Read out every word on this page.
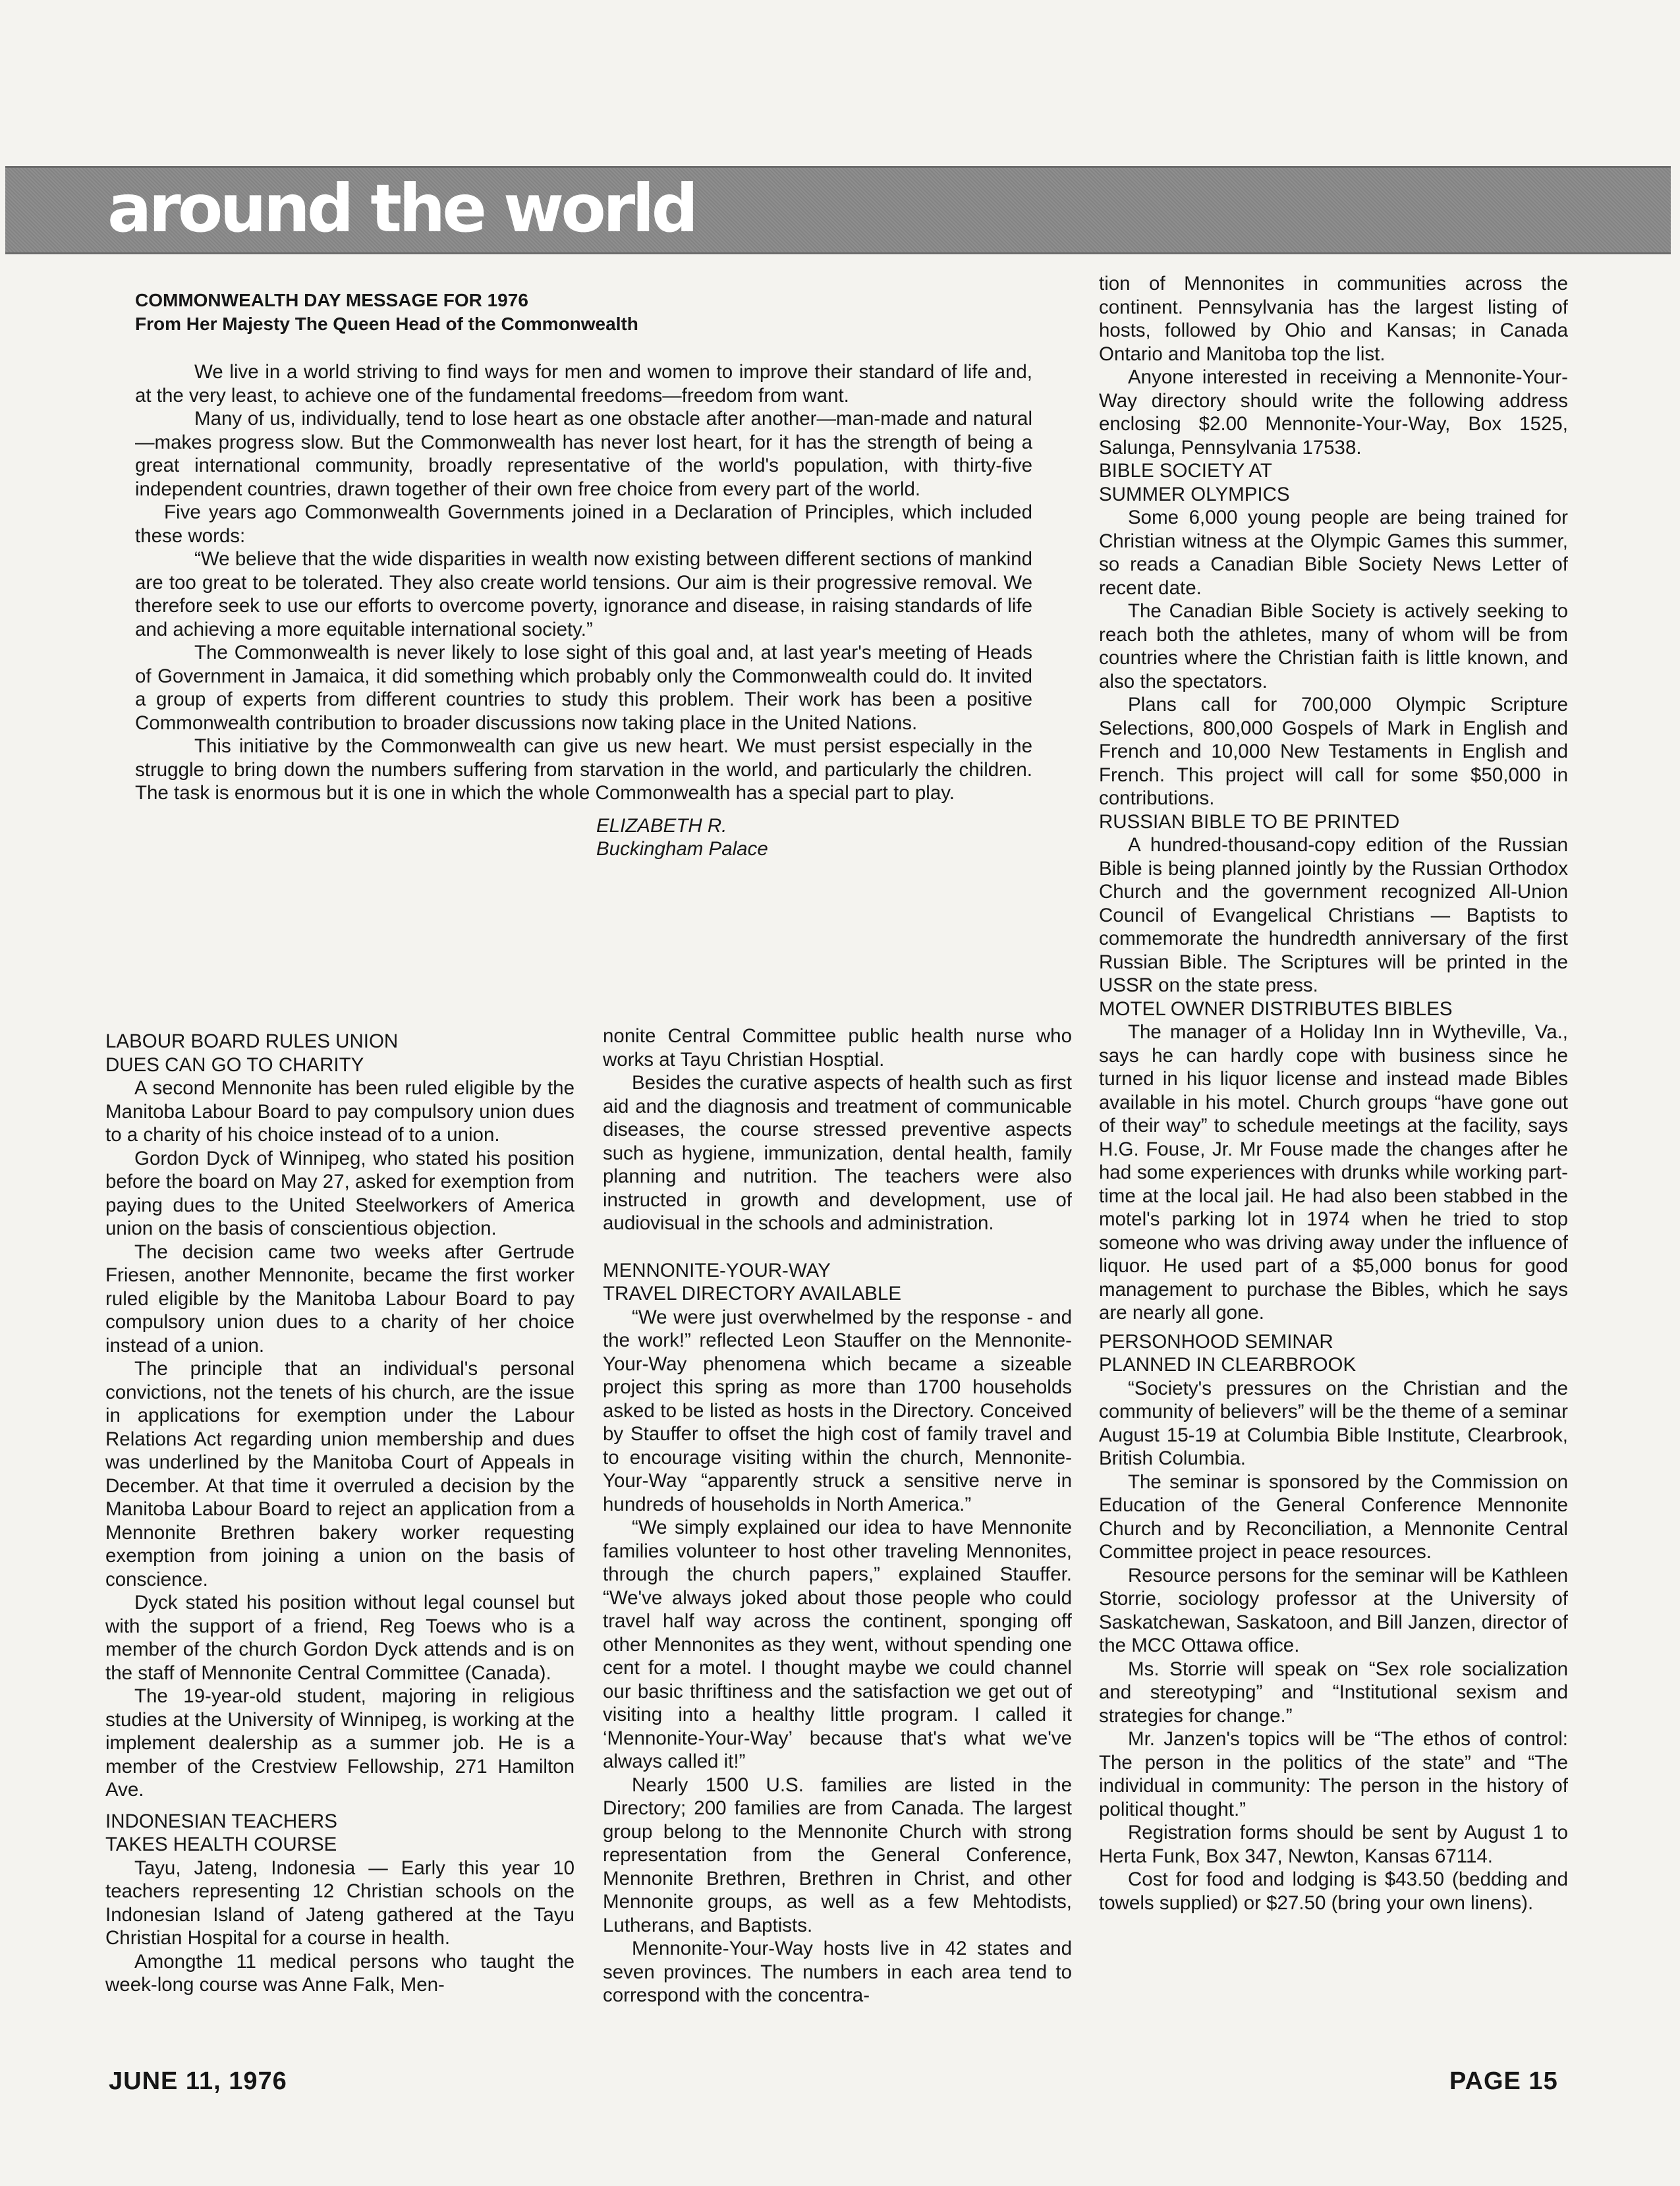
around the world

COMMONWEALTH DAY MESSAGE FOR 1976

From Her Majesty The Queen Head of the Commonwealth

We live in a world striving to find ways for men and women to improve their standard of life and, at the very least, to achieve one of the fundamental freedoms—freedom from want.

Many of us, individually, tend to lose heart as one obstacle after another—man-made and natural—makes progress slow. But the Commonwealth has never lost heart, for it has the strength of being a great international community, broadly representative of the world's population, with thirty-five independent countries, drawn together of their own free choice from every part of the world.

Five years ago Commonwealth Governments joined in a Declaration of Principles, which included these words:

“We believe that the wide disparities in wealth now existing between different sections of mankind are too great to be tolerated. They also create world tensions. Our aim is their progressive removal. We therefore seek to use our efforts to overcome poverty, ignorance and disease, in raising standards of life and achieving a more equitable international society.”

The Commonwealth is never likely to lose sight of this goal and, at last year's meeting of Heads of Government in Jamaica, it did something which probably only the Commonwealth could do. It invited a group of experts from different countries to study this problem. Their work has been a positive Commonwealth contribution to broader discussions now taking place in the United Nations.

This initiative by the Commonwealth can give us new heart. We must persist especially in the struggle to bring down the numbers suffering from starvation in the world, and particularly the children. The task is enormous but it is one in which the whole Commonwealth has a special part to play.

ELIZABETH R.

Buckingham Palace

LABOUR BOARD RULES UNION

DUES CAN GO TO CHARITY

A second Mennonite has been ruled eligible by the Manitoba Labour Board to pay compulsory union dues to a charity of his choice instead of to a union.

Gordon Dyck of Winnipeg, who stated his position before the board on May 27, asked for exemption from paying dues to the United Steelworkers of America union on the basis of conscientious objection.

The decision came two weeks after Gertrude Friesen, another Mennonite, became the first worker ruled eligible by the Manitoba Labour Board to pay compulsory union dues to a charity of her choice instead of a union.

The principle that an individual's personal convictions, not the tenets of his church, are the issue in applications for exemption under the Labour Relations Act regarding union membership and dues was underlined by the Manitoba Court of Appeals in December. At that time it overruled a decision by the Manitoba Labour Board to reject an application from a Mennonite Brethren bakery worker requesting exemption from joining a union on the basis of conscience.

Dyck stated his position without legal counsel but with the support of a friend, Reg Toews who is a member of the church Gordon Dyck attends and is on the staff of Mennonite Central Committee (Canada).

The 19-year-old student, majoring in religious studies at the University of Winnipeg, is working at the implement dealership as a summer job. He is a member of the Crestview Fellowship, 271 Hamilton Ave.

INDONESIAN TEACHERS

TAKES HEALTH COURSE

Tayu, Jateng, Indonesia — Early this year 10 teachers representing 12 Christian schools on the Indonesian Island of Jateng gathered at the Tayu Christian Hospital for a course in health.

Amongthe 11 medical persons who taught the week-long course was Anne Falk, Men-

nonite Central Committee public health nurse who works at Tayu Christian Hosptial.

Besides the curative aspects of health such as first aid and the diagnosis and treatment of communicable diseases, the course stressed preventive aspects such as hygiene, immunization, dental health, family planning and nutrition. The teachers were also instructed in growth and development, use of audiovisual in the schools and administration.

MENNONITE-YOUR-WAY

TRAVEL DIRECTORY AVAILABLE

“We were just overwhelmed by the response - and the work!” reflected Leon Stauffer on the Mennonite-Your-Way phenomena which became a sizeable project this spring as more than 1700 households asked to be listed as hosts in the Directory. Conceived by Stauffer to offset the high cost of family travel and to encourage visiting within the church, Mennonite-Your-Way “apparently struck a sensitive nerve in hundreds of households in North America.”

“We simply explained our idea to have Mennonite families volunteer to host other traveling Mennonites, through the church papers,” explained Stauffer. “We've always joked about those people who could travel half way across the continent, sponging off other Mennonites as they went, without spending one cent for a motel. I thought maybe we could channel our basic thriftiness and the satisfaction we get out of visiting into a healthy little program. I called it ‘Mennonite-Your-Way’ because that's what we've always called it!”

Nearly 1500 U.S. families are listed in the Directory; 200 families are from Canada. The largest group belong to the Mennonite Church with strong representation from the General Conference, Mennonite Brethren, Brethren in Christ, and other Mennonite groups, as well as a few Mehtodists, Lutherans, and Baptists.

Mennonite-Your-Way hosts live in 42 states and seven provinces. The numbers in each area tend to correspond with the concentra-

tion of Mennonites in communities across the continent. Pennsylvania has the largest listing of hosts, followed by Ohio and Kansas; in Canada Ontario and Manitoba top the list.

Anyone interested in receiving a Mennonite-Your-Way directory should write the following address enclosing $2.00 Mennonite-Your-Way, Box 1525, Salunga, Pennsylvania 17538.

BIBLE SOCIETY AT

SUMMER OLYMPICS

Some 6,000 young people are being trained for Christian witness at the Olympic Games this summer, so reads a Canadian Bible Society News Letter of recent date.

The Canadian Bible Society is actively seeking to reach both the athletes, many of whom will be from countries where the Christian faith is little known, and also the spectators.

Plans call for 700,000 Olympic Scripture Selections, 800,000 Gospels of Mark in English and French and 10,000 New Testaments in English and French. This project will call for some $50,000 in contributions.

RUSSIAN BIBLE TO BE PRINTED

A hundred-thousand-copy edition of the Russian Bible is being planned jointly by the Russian Orthodox Church and the government recognized All-Union Council of Evangelical Christians — Baptists to commemorate the hundredth anniversary of the first Russian Bible. The Scriptures will be printed in the USSR on the state press.

MOTEL OWNER DISTRIBUTES BIBLES

The manager of a Holiday Inn in Wytheville, Va., says he can hardly cope with business since he turned in his liquor license and instead made Bibles available in his motel. Church groups “have gone out of their way” to schedule meetings at the facility, says H.G. Fouse, Jr. Mr Fouse made the changes after he had some experiences with drunks while working part-time at the local jail. He had also been stabbed in the motel's parking lot in 1974 when he tried to stop someone who was driving away under the influence of liquor. He used part of a $5,000 bonus for good management to purchase the Bibles, which he says are nearly all gone.

PERSONHOOD SEMINAR

PLANNED IN CLEARBROOK

“Society's pressures on the Christian and the community of believers” will be the theme of a seminar August 15-19 at Columbia Bible Institute, Clearbrook, British Columbia.

The seminar is sponsored by the Commission on Education of the General Conference Mennonite Church and by Reconciliation, a Mennonite Central Committee project in peace resources.

Resource persons for the seminar will be Kathleen Storrie, sociology professor at the University of Saskatchewan, Saskatoon, and Bill Janzen, director of the MCC Ottawa office.

Ms. Storrie will speak on “Sex role socialization and stereotyping” and “Institutional sexism and strategies for change.”

Mr. Janzen's topics will be “The ethos of control: The person in the politics of the state” and “The individual in community: The person in the history of political thought.”

Registration forms should be sent by August 1 to Herta Funk, Box 347, Newton, Kansas 67114.

Cost for food and lodging is $43.50 (bedding and towels supplied) or $27.50 (bring your own linens).

JUNE 11, 1976	PAGE 15
